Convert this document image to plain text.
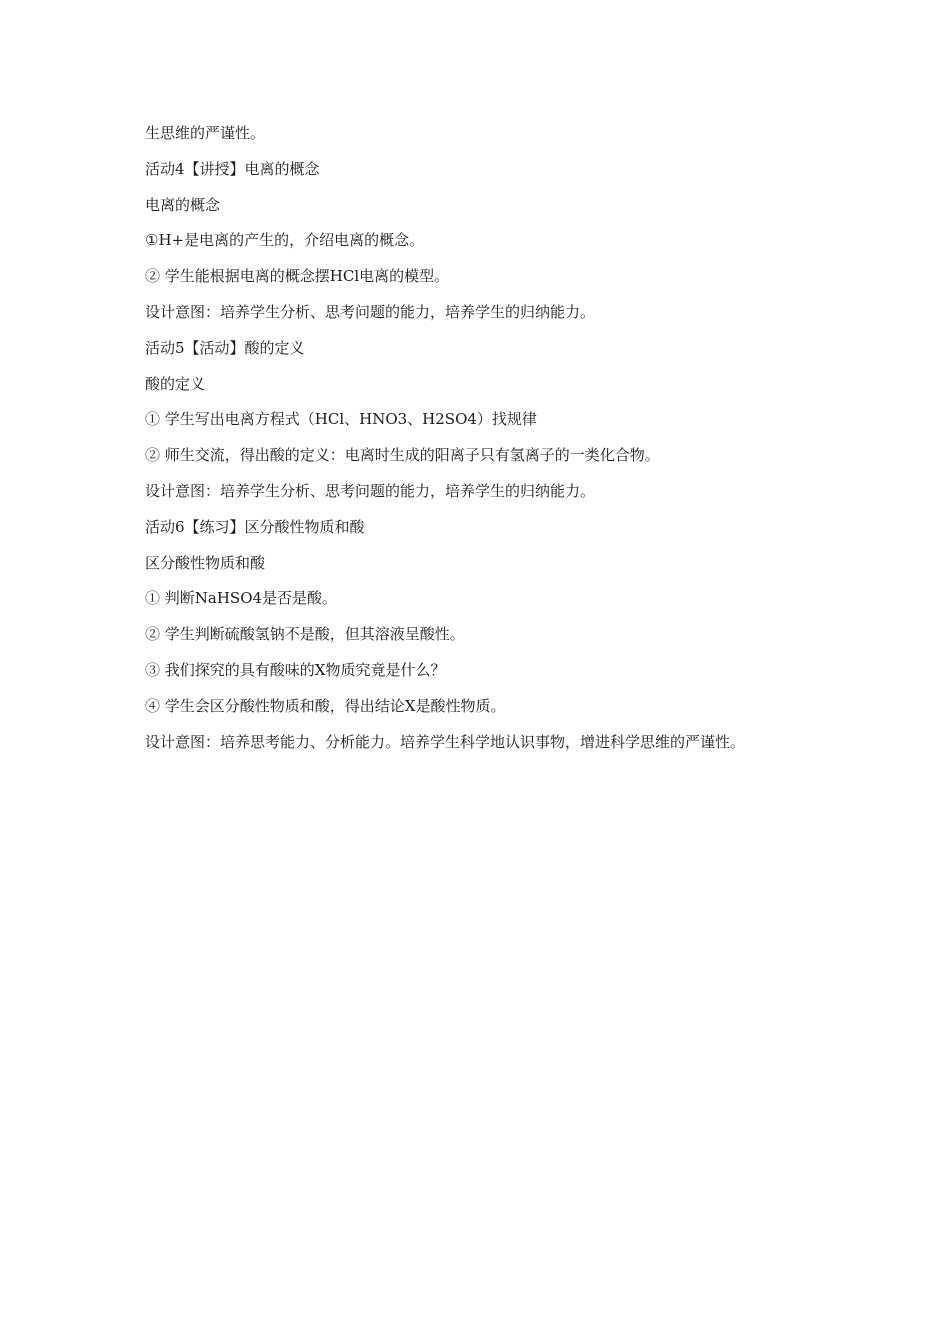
生思维的严谨性。

活动4【讲授】电离的概念

电离的概念

①H+是电离的产生的，介绍电离的概念。

② 学生能根据电离的概念摆HCl电离的模型。

设计意图：培养学生分析、思考问题的能力，培养学生的归纳能力。

活动5【活动】酸的定义

酸的定义

① 学生写出电离方程式（HCl、HNO3、H2SO4）找规律

② 师生交流，得出酸的定义：电离时生成的阳离子只有氢离子的一类化合物。

设计意图：培养学生分析、思考问题的能力，培养学生的归纳能力。

活动6【练习】区分酸性物质和酸

区分酸性物质和酸

① 判断NaHSO4是否是酸。

② 学生判断硫酸氢钠不是酸，但其溶液呈酸性。

③ 我们探究的具有酸味的X物质究竟是什么？

④ 学生会区分酸性物质和酸，得出结论X是酸性物质。

设计意图：培养思考能力、分析能力。培养学生科学地认识事物，增进科学思维的严谨性。
